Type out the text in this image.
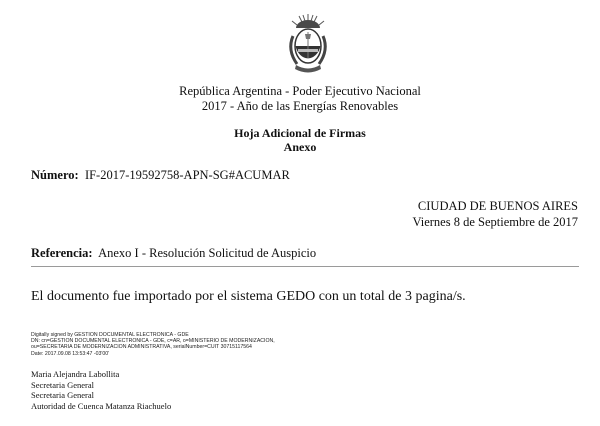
República Argentina - Poder Ejecutivo Nacional
2017 - Año de las Energías Renovables
Hoja Adicional de Firmas
Anexo
Número: IF-2017-19592758-APN-SG#ACUMAR
CIUDAD DE BUENOS AIRES
Viernes 8 de Septiembre de 2017
Referencia: Anexo I - Resolución Solicitud de Auspicio
El documento fue importado por el sistema GEDO con un total de 3 pagina/s.
Digitally signed by GESTION DOCUMENTAL ELECTRONICA - GDE
DN: cn=GESTION DOCUMENTAL ELECTRONICA - GDE, c=AR, o=MINISTERIO DE MODERNIZACION,
ou=SECRETARIA DE MODERNIZACION ADMINISTRATIVA, serialNumber=CUIT 30715117564
Date: 2017.09.08 13:53:47 -03'00'
Maria Alejandra Labollita
Secretaria General
Secretaria General
Autoridad de Cuenca Matanza Riachuelo
